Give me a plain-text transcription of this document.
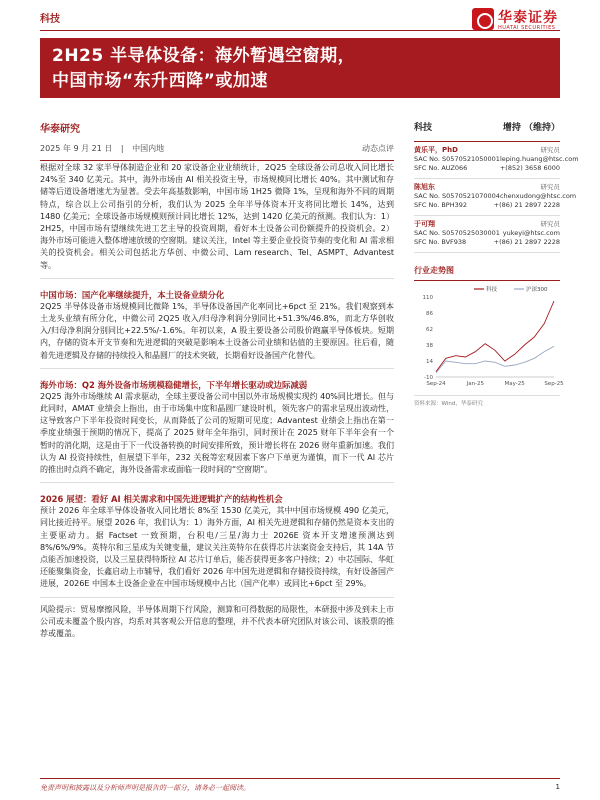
科技	华泰证券
HUATAI SECURITIES
2H25 半导体设备：海外暂遇空窗期，
中国市场“东升西降”或加速
华泰研究
2025 年 9 月 21 日 | 中国内地	动态点评

根据对全球 32 家半导体制造企业和 20 家设备企业业绩统计，2Q25 全球设备公司总收入同比增长 24%至 340 亿美元。其中，海外市场由 AI 相关投资主导，市场规模同比增长 40%。其中测试和存储等后道设备增速尤为显著。受去年高基数影响，中国市场 1H25 微降 1%，呈现和海外不同的周期特点，综合以上公司指引的分析，我们认为 2025 全年半导体资本开支将同比增长 14%，达到 1480 亿美元；全球设备市场规模则预计同比增长 12%，达到 1420 亿美元的预测。我们认为：1）2H25，中国市场有望继续先进工艺主导的投资周期，看好本土设备公司份额提升的投资机会。2）海外市场可能进入整体增速放缓的空窗期。建议关注，Intel 等主要企业投资节奏的变化和 AI 需求相关的投资机会。相关公司包括北方华创、中微公司、Lam research、Tel、ASMPT、Advantest 等。

中国市场：国产化率继续提升，本土设备业绩分化

2Q25 半导体设备市场规模同比微降 1%，半导体设备国产化率同比+6pct 至 21%。我们观察到本土龙头业绩有所分化，中微公司 2Q25 收入/归母净利润分别同比+51.3%/46.8%，而北方华创收入/归母净利润分别同比+22.5%/-1.6%。年初以来，A 股主要设备公司股价跑赢半导体板块。短期内，存储的资本开支节奏和先进逻辑的突破是影响本土设备公司业绩和估值的主要原因。往后看，随着先进逻辑及存储的持续投入和晶圆厂的技术突破，长期看好设备国产化替代。

海外市场：Q2 海外设备市场规模稳健增长，下半年增长驱动或边际减弱

2Q25 海外市场继续 AI 需求驱动，全球主要设备公司中国以外市场规模实现约 40%同比增长。但与此同时，AMAT 业绩会上指出，由于市场集中度和晶圆厂建设时机，领先客户的需求呈现出波动性，这导致客户下半年投资时间变长，从而降低了公司的短期可见度；Advantest 业绩会上指出在第一季度业绩强于预期的情况下，提高了 2025 财年全年指引，同时预计在 2025 财年下半年会有一个暂时的消化期，这是由于下一代设备转换的时间安排所致，预计增长将在 2026 财年重新加速。我们认为 AI 投资持续性，但展望下半年，232 关税等宏观因素下客户下单更为谨慎，而下一代 AI 芯片的推出时点尚不确定，海外设备需求或面临一段时间的“空窗期”。

2026 展望：看好 AI 相关需求和中国先进逻辑扩产的结构性机会

预计 2026 年全球半导体设备收入同比增长 8%至 1530 亿美元，其中中国市场规模 490 亿美元，同比接近持平。展望 2026 年，我们认为：1）海外方面，AI 相关先进逻辑和存储仍然是资本支出的主要驱动力。据 Factset 一致预期，台积电/三星/海力士 2026E 资本开支增速预测达到 8%/6%/9%。英特尔和三星成为关键变量，建议关注英特尔在获得芯片法案资金支持后，其 14A 节点能否加速投资，以及三星获得特斯拉 AI 芯片订单后，能否获得更多客户持续；2）中芯国际、华虹还能聚集资金，长鑫启动上市辅导，我们看好 2026 年中国先进逻辑和存储投资持续，有好设备国产进展，2026E 中国本土设备企业在中国市场规模中占比（国产化率）或同比+6pct 至 29%。

风险提示：贸易摩擦风险，半导体周期下行风险，测算和可得数据的局限性，本研报中涉及到未上市公司或未覆盖个股内容，均系对其客观公开信息的整理，并不代表本研究团队对该公司、该股票的推荐或覆盖。

科技	增持 （维持）
黄乐平，PhD	研究员
SAC No. S0570521050001 leping.huang@htsc.com
SFC No. AUZ066	+(852) 3658 6000
陈旭东	研究员
SAC No. S0570521070004 chenxudong@htsc.com
SFC No. BPH392	+(86) 21 2897 2228
于可翔	研究员
SAC No. S0570525030001 yukeyi@htsc.com
SFC No. BVF938	+(86) 21 2897 2228
行业走势图
-10
14
38
62
86
110
Sep-24	Jan-25	May-25	Sep-25
科技	沪深300
资料来源：Wind，华泰研究
免责声明和披露以及分析师声明是报告的一部分，请务必一起阅读。	1
